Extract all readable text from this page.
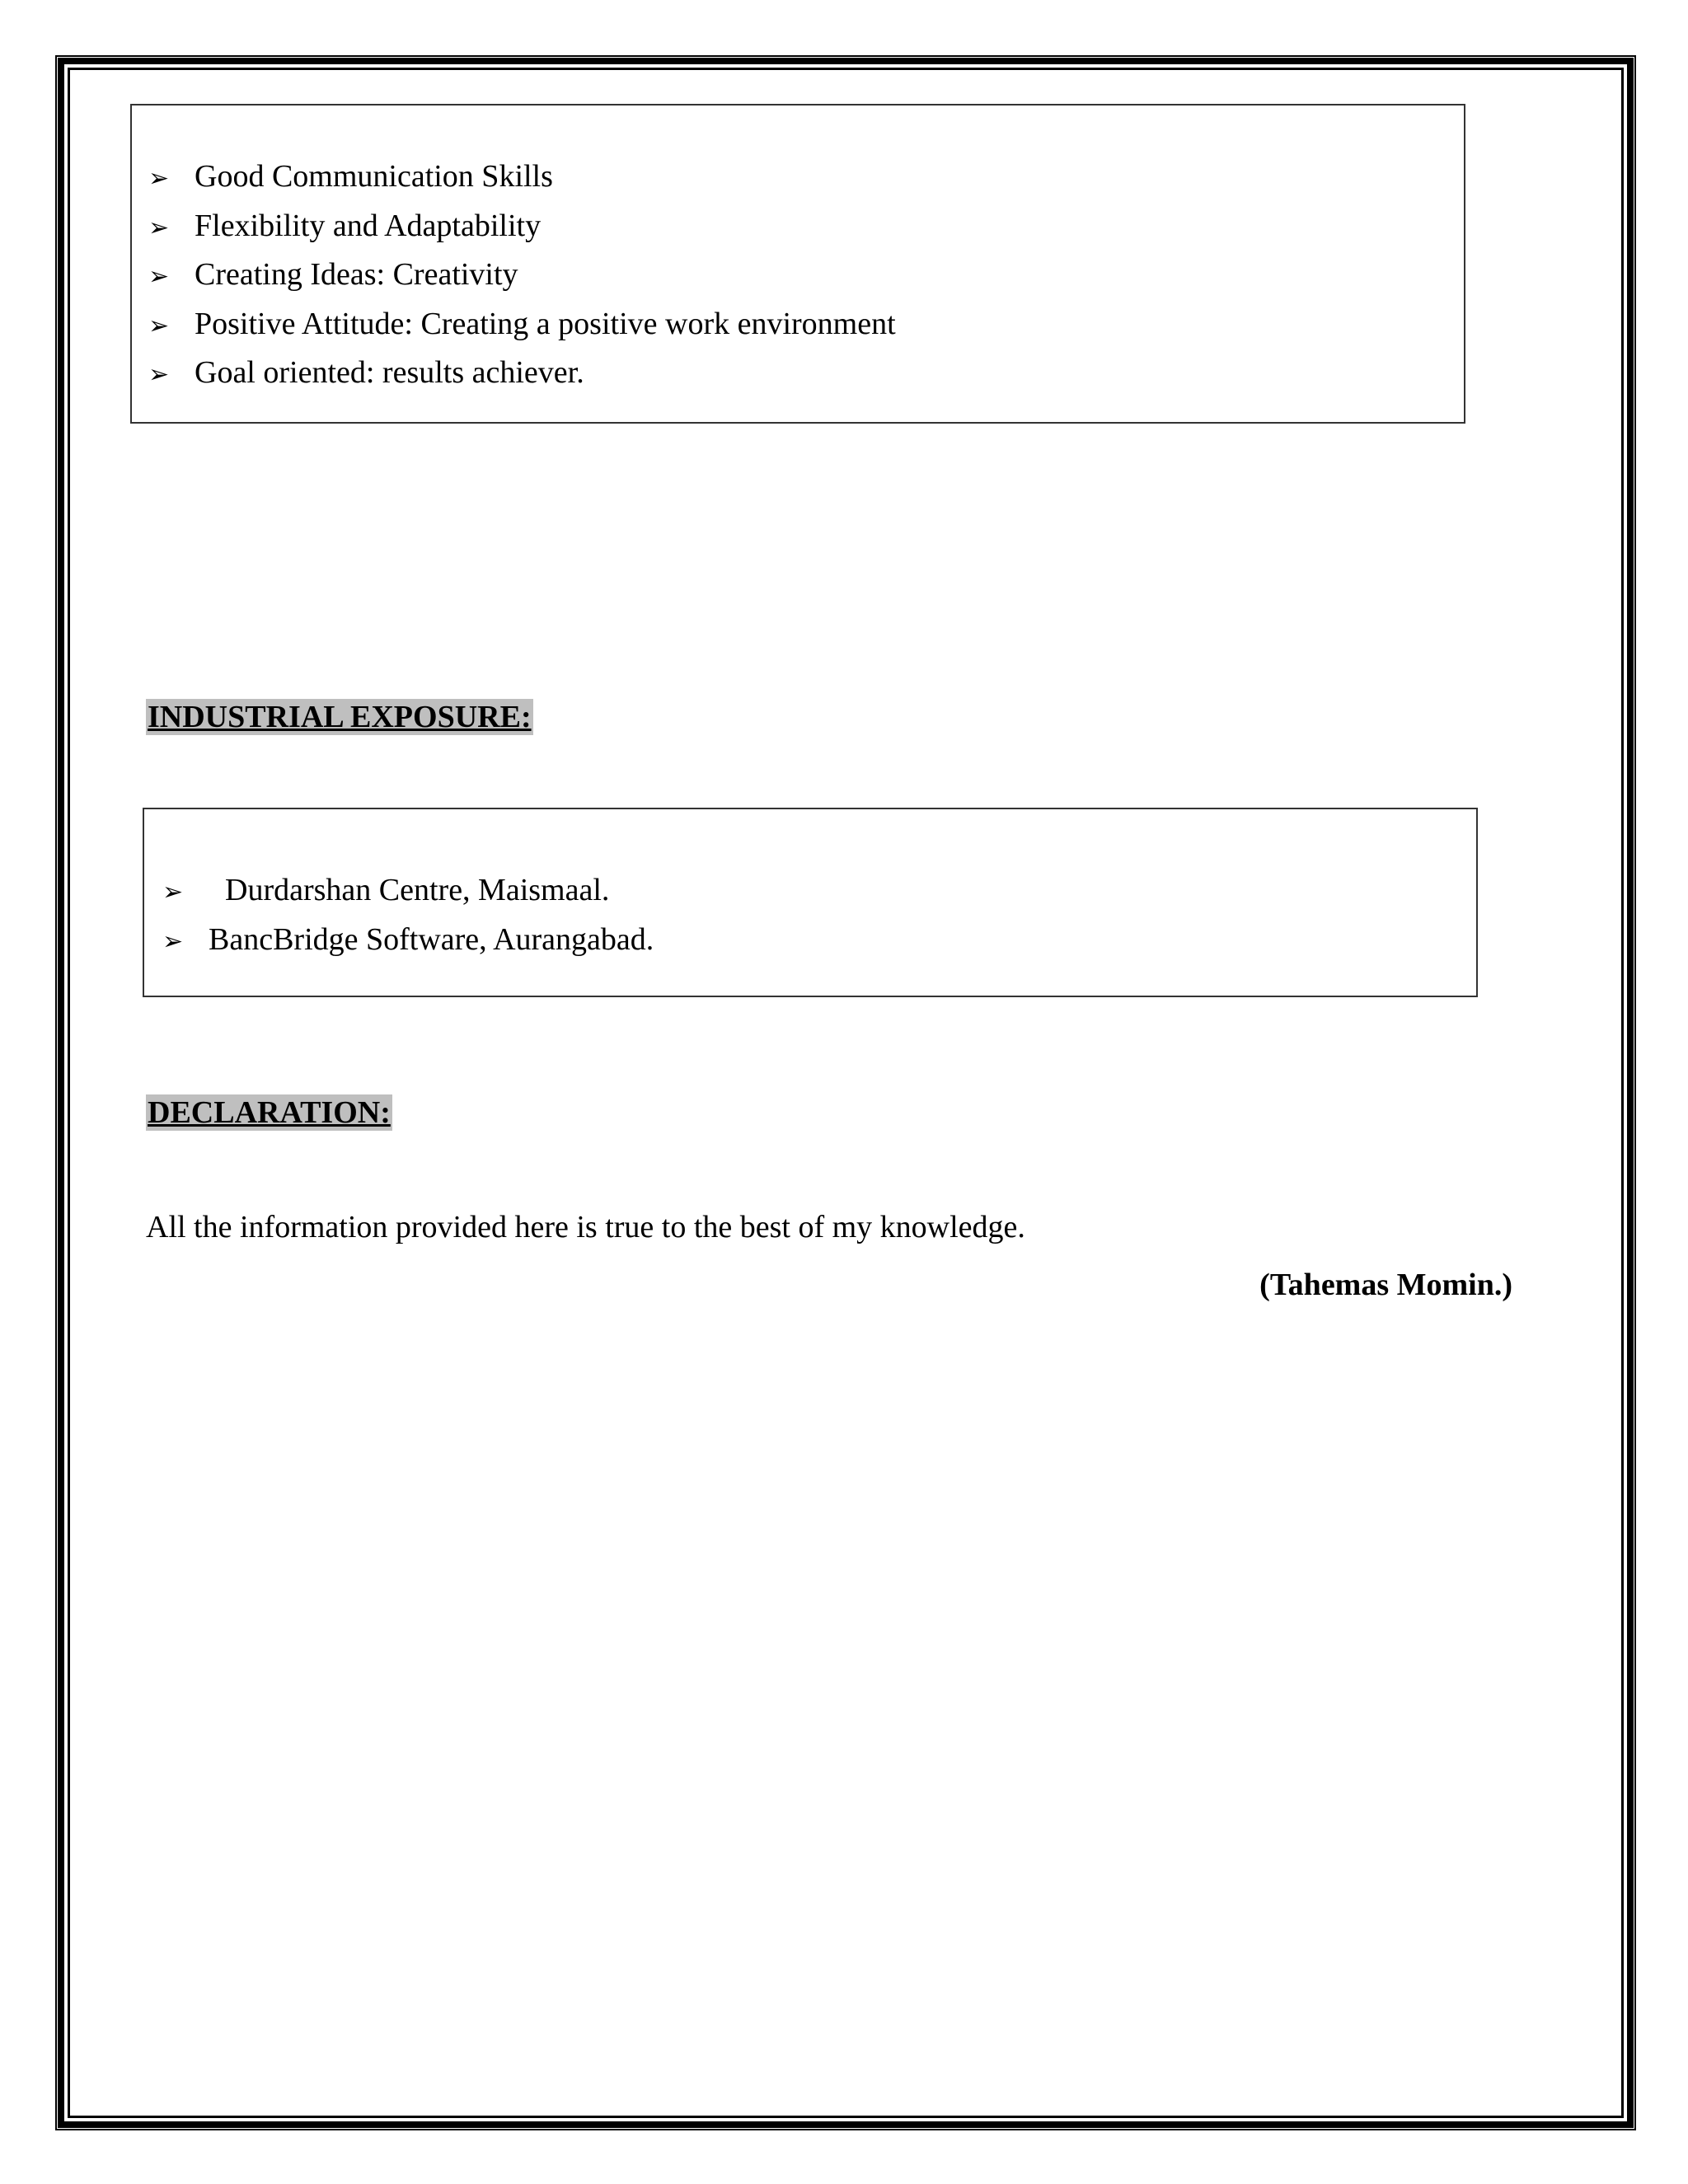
➢ Good Communication Skills
➢ Flexibility and Adaptability
➢ Creating Ideas: Creativity
➢ Positive Attitude: Creating a positive work environment
➢ Goal oriented: results achiever.
INDUSTRIAL EXPOSURE:
➢	Durdarshan Centre, Maismaal.
➢ BancBridge Software, Aurangabad.
DECLARATION:
All the information provided here is true to the best of my knowledge.
(Tahemas Momin.)
